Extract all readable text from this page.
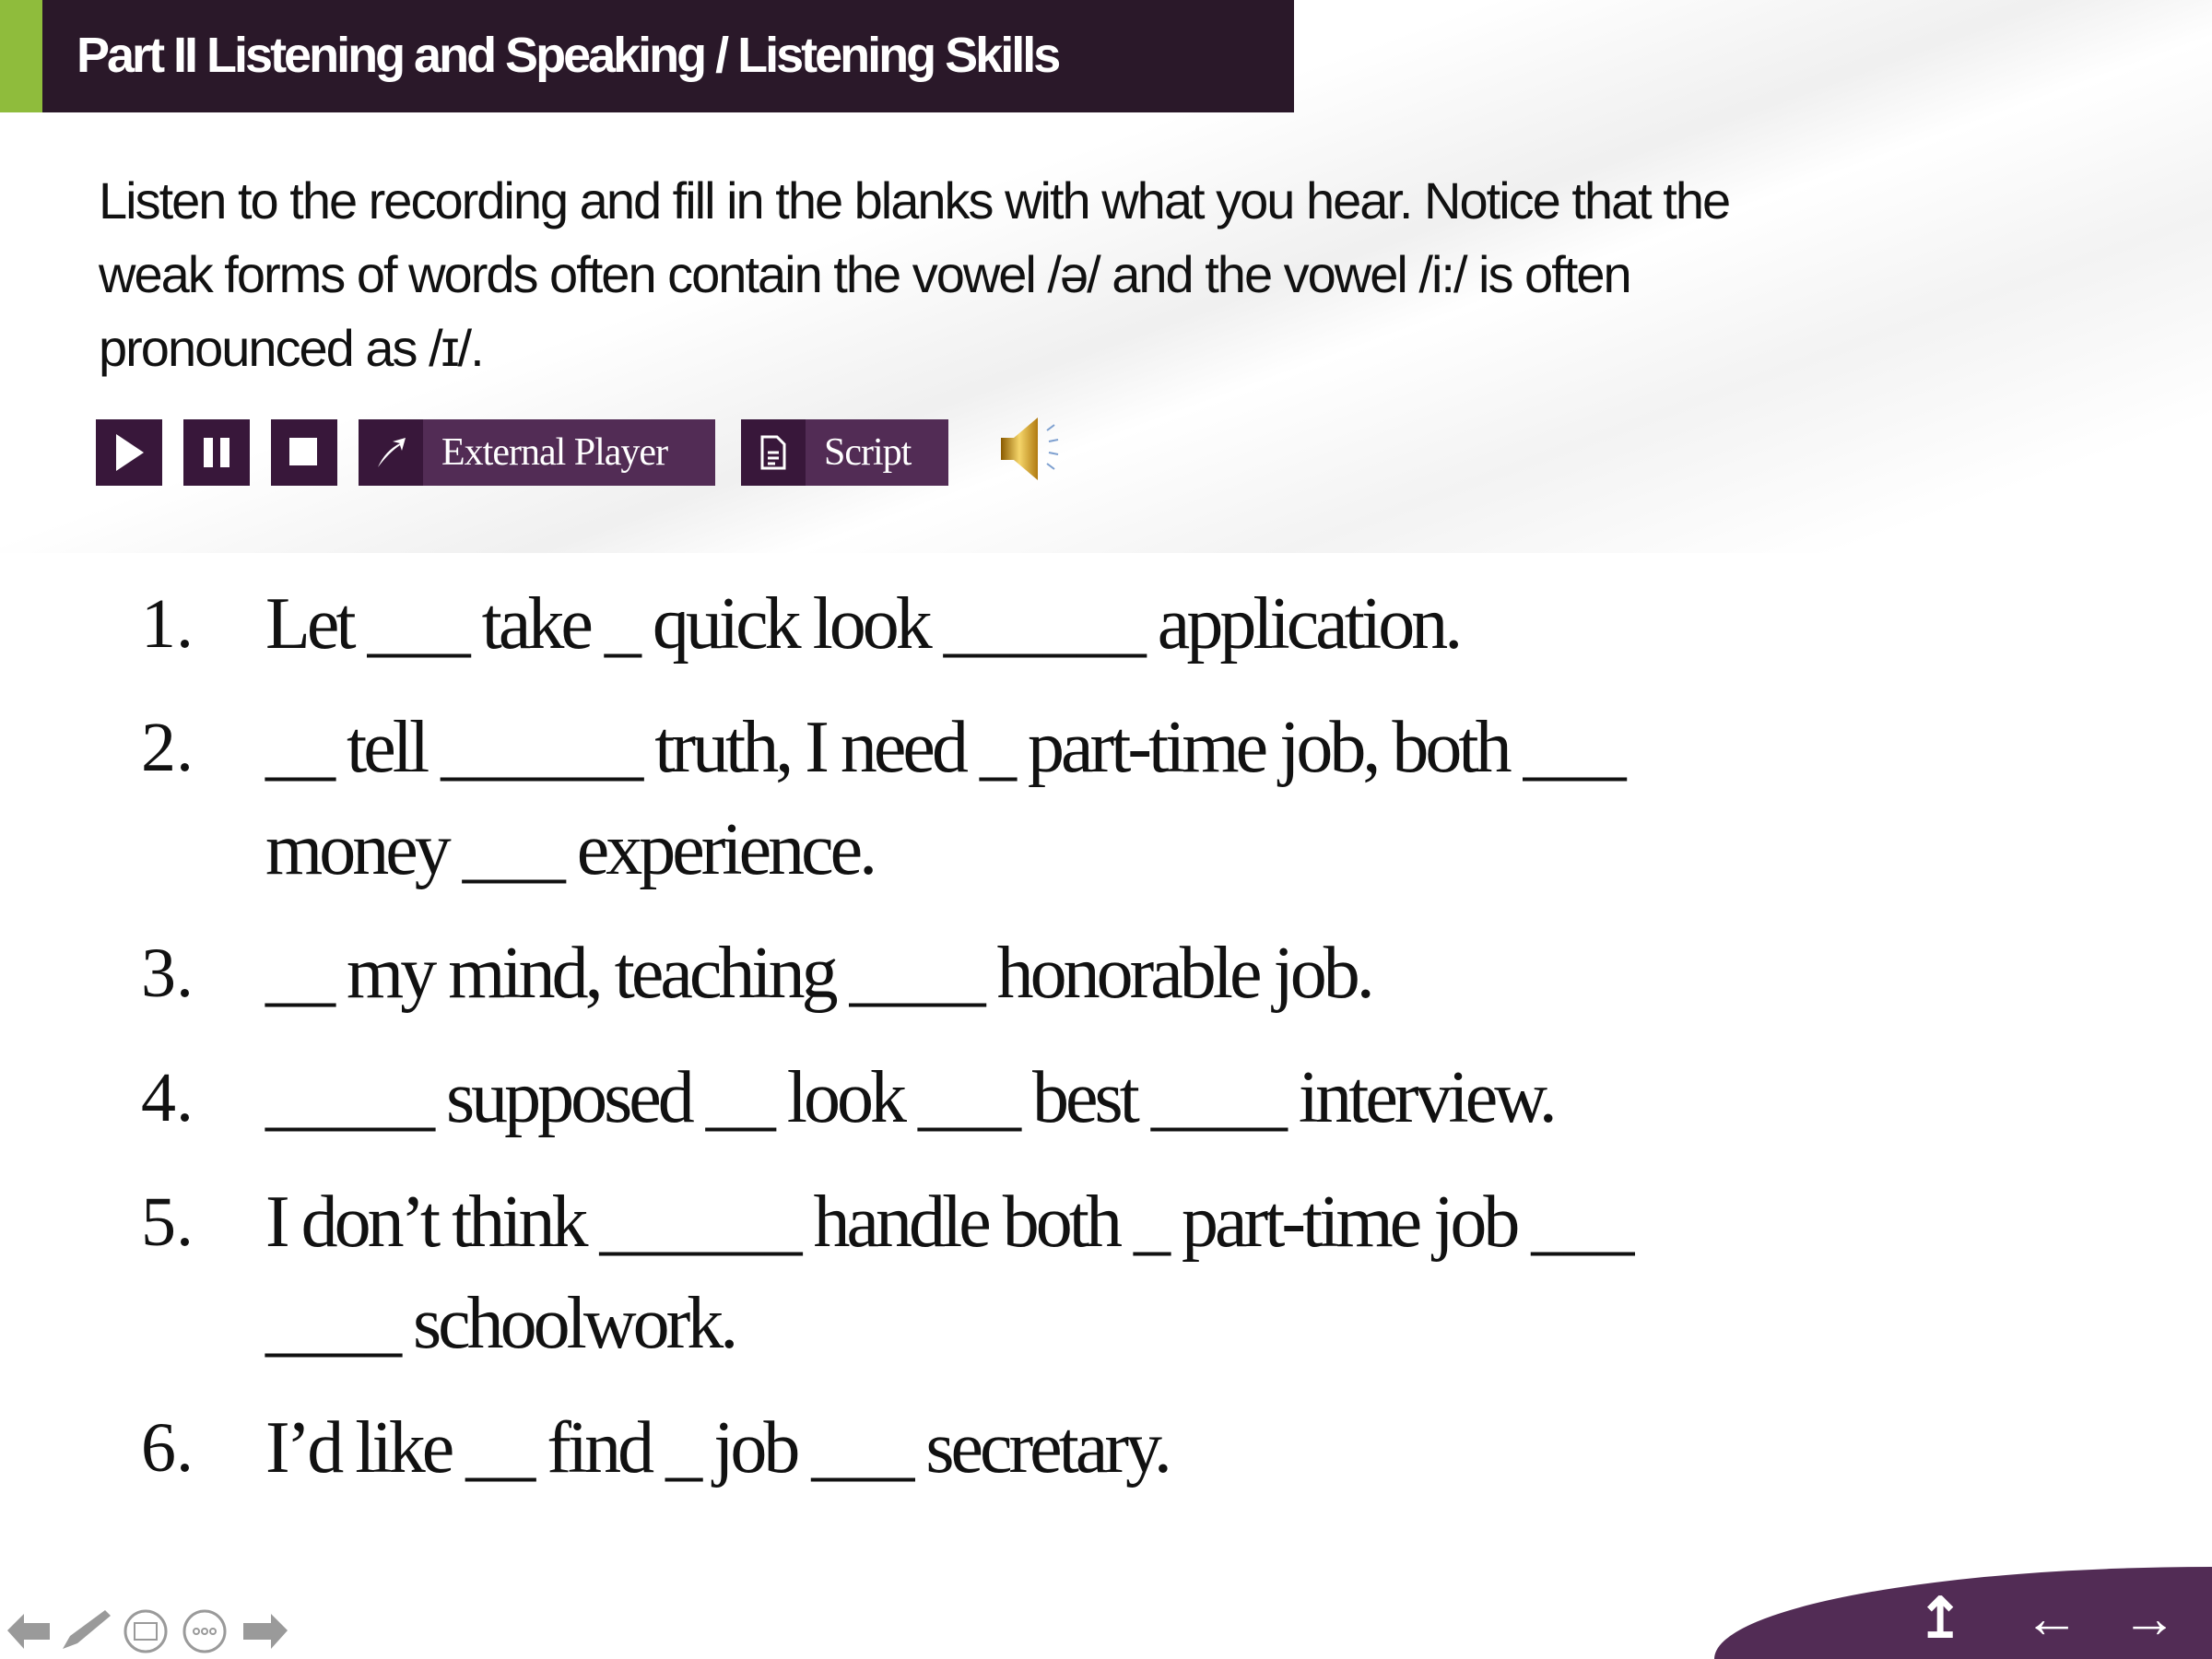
Part II Listening and Speaking / Listening Skills
Listen to the recording and fill in the blanks with what you hear. Notice that the
weak forms of words often contain the vowel /ə/ and the vowel /i:/ is often
pronounced as /ɪ/.
External Player	Script
1. Let ___ take _ quick look ______ application.
2. __ tell ______ truth, I need _ part-time job, both ___
money ___ experience.
3. __ my mind, teaching ____ honorable job.
4. _____ supposed __ look ___ best ____ interview.
5. I don’t think ______ handle both _ part-time job ___
____ schoolwork.
6. I’d like __ find _ job ___ secretary.
↥ ← →
